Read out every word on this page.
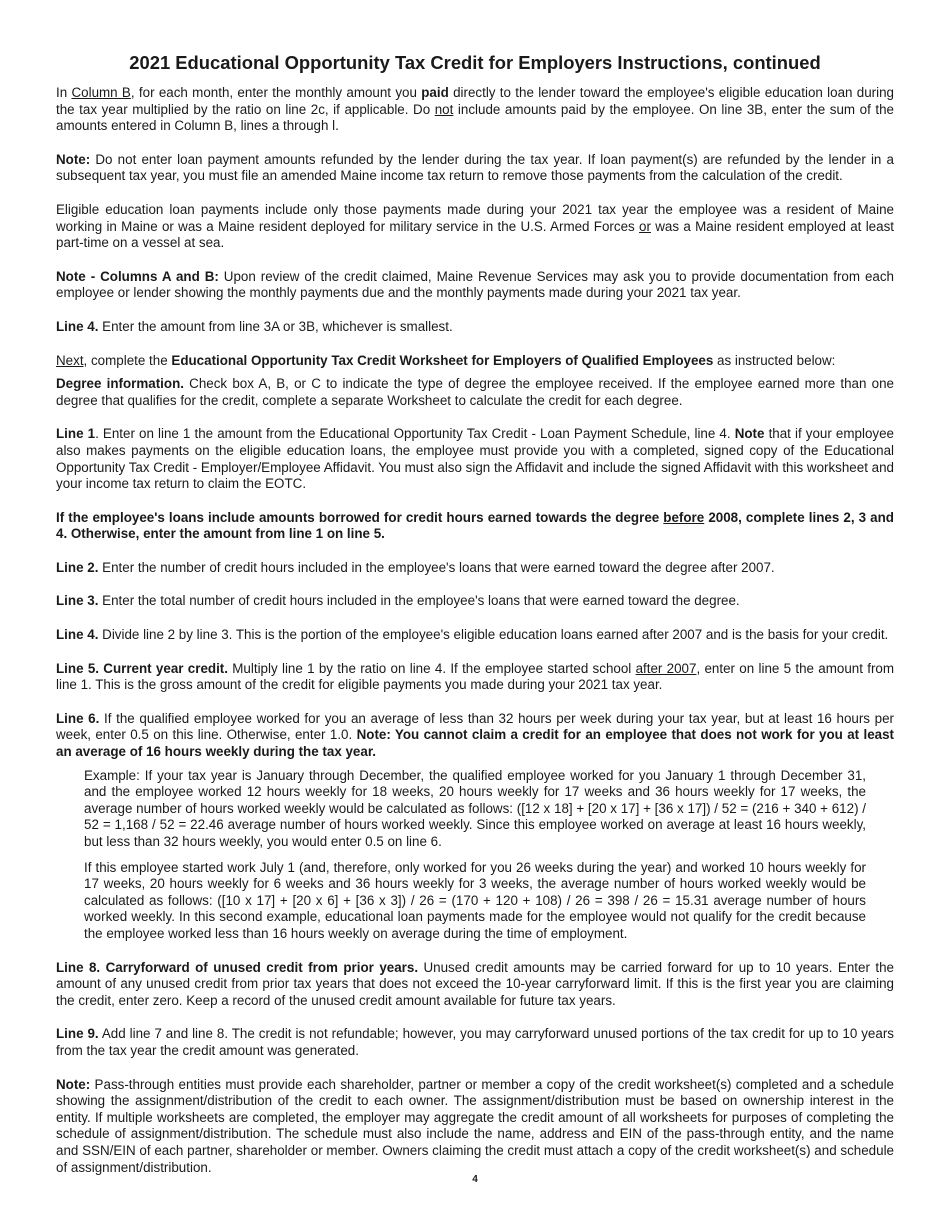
2021 Educational Opportunity Tax Credit for Employers Instructions, continued

In Column B, for each month, enter the monthly amount you paid directly to the lender toward the employee's eligible education loan during the tax year multiplied by the ratio on line 2c, if applicable. Do not include amounts paid by the employee. On line 3B, enter the sum of the amounts entered in Column B, lines a through l.

Note: Do not enter loan payment amounts refunded by the lender during the tax year. If loan payment(s) are refunded by the lender in a subsequent tax year, you must file an amended Maine income tax return to remove those payments from the calculation of the credit.

Eligible education loan payments include only those payments made during your 2021 tax year the employee was a resident of Maine working in Maine or was a Maine resident deployed for military service in the U.S. Armed Forces or was a Maine resident employed at least part-time on a vessel at sea.

Note - Columns A and B: Upon review of the credit claimed, Maine Revenue Services may ask you to provide documentation from each employee or lender showing the monthly payments due and the monthly payments made during your 2021 tax year.

Line 4. Enter the amount from line 3A or 3B, whichever is smallest.

Next, complete the Educational Opportunity Tax Credit Worksheet for Employers of Qualified Employees as instructed below:

Degree information. Check box A, B, or C to indicate the type of degree the employee received. If the employee earned more than one degree that qualifies for the credit, complete a separate Worksheet to calculate the credit for each degree.

Line 1. Enter on line 1 the amount from the Educational Opportunity Tax Credit - Loan Payment Schedule, line 4. Note that if your employee also makes payments on the eligible education loans, the employee must provide you with a completed, signed copy of the Educational Opportunity Tax Credit - Employer/Employee Affidavit. You must also sign the Affidavit and include the signed Affidavit with this worksheet and your income tax return to claim the EOTC.

If the employee's loans include amounts borrowed for credit hours earned towards the degree before 2008, complete lines 2, 3 and 4. Otherwise, enter the amount from line 1 on line 5.

Line 2. Enter the number of credit hours included in the employee's loans that were earned toward the degree after 2007.

Line 3. Enter the total number of credit hours included in the employee's loans that were earned toward the degree.

Line 4. Divide line 2 by line 3. This is the portion of the employee's eligible education loans earned after 2007 and is the basis for your credit.

Line 5. Current year credit. Multiply line 1 by the ratio on line 4. If the employee started school after 2007, enter on line 5 the amount from line 1. This is the gross amount of the credit for eligible payments you made during your 2021 tax year.

Line 6. If the qualified employee worked for you an average of less than 32 hours per week during your tax year, but at least 16 hours per week, enter 0.5 on this line. Otherwise, enter 1.0. Note: You cannot claim a credit for an employee that does not work for you at least an average of 16 hours weekly during the tax year.

Example: If your tax year is January through December, the qualified employee worked for you January 1 through December 31, and the employee worked 12 hours weekly for 18 weeks, 20 hours weekly for 17 weeks and 36 hours weekly for 17 weeks, the average number of hours worked weekly would be calculated as follows: ([12 x 18] + [20 x 17] + [36 x 17]) / 52 = (216 + 340 + 612) / 52 = 1,168 / 52 = 22.46 average number of hours worked weekly. Since this employee worked on average at least 16 hours weekly, but less than 32 hours weekly, you would enter 0.5 on line 6.

If this employee started work July 1 (and, therefore, only worked for you 26 weeks during the year) and worked 10 hours weekly for 17 weeks, 20 hours weekly for 6 weeks and 36 hours weekly for 3 weeks, the average number of hours worked weekly would be calculated as follows: ([10 x 17] + [20 x 6] + [36 x 3]) / 26 = (170 + 120 + 108) / 26 = 398 / 26 = 15.31 average number of hours worked weekly. In this second example, educational loan payments made for the employee would not qualify for the credit because the employee worked less than 16 hours weekly on average during the time of employment.

Line 8. Carryforward of unused credit from prior years. Unused credit amounts may be carried forward for up to 10 years. Enter the amount of any unused credit from prior tax years that does not exceed the 10-year carryforward limit. If this is the first year you are claiming the credit, enter zero. Keep a record of the unused credit amount available for future tax years.

Line 9. Add line 7 and line 8. The credit is not refundable; however, you may carryforward unused portions of the tax credit for up to 10 years from the tax year the credit amount was generated.

Note: Pass-through entities must provide each shareholder, partner or member a copy of the credit worksheet(s) completed and a schedule showing the assignment/distribution of the credit to each owner. The assignment/distribution must be based on ownership interest in the entity. If multiple worksheets are completed, the employer may aggregate the credit amount of all worksheets for purposes of completing the schedule of assignment/distribution. The schedule must also include the name, address and EIN of the pass-through entity, and the name and SSN/EIN of each partner, shareholder or member. Owners claiming the credit must attach a copy of the credit worksheet(s) and schedule of assignment/distribution.

4
